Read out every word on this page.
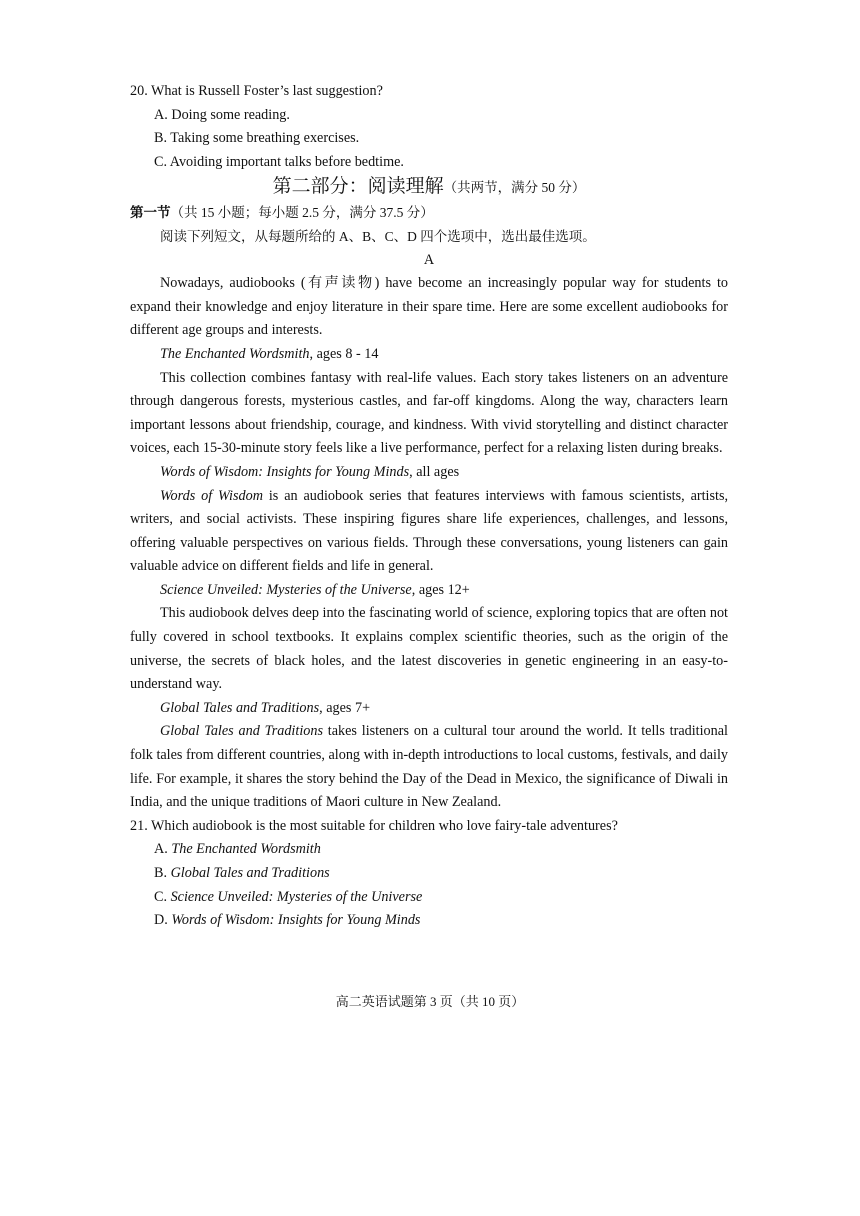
20. What is Russell Foster’s last suggestion?

A. Doing some reading.

B. Taking some breathing exercises.

C. Avoiding important talks before bedtime.

第二部分：阅读理解（共两节，满分 50 分）

第一节（共 15 小题；每小题 2.5 分，满分 37.5 分）

阅读下列短文，从每题所给的 A、B、C、D 四个选项中，选出最佳选项。

A

Nowadays, audiobooks (有声读物) have become an increasingly popular way for students to expand their knowledge and enjoy literature in their spare time. Here are some excellent audiobooks for different age groups and interests.

The Enchanted Wordsmith, ages 8 - 14

This collection combines fantasy with real-life values. Each story takes listeners on an adventure through dangerous forests, mysterious castles, and far-off kingdoms. Along the way, characters learn important lessons about friendship, courage, and kindness. With vivid storytelling and distinct character voices, each 15-30-minute story feels like a live performance, perfect for a relaxing listen during breaks.

Words of Wisdom: Insights for Young Minds, all ages

Words of Wisdom is an audiobook series that features interviews with famous scientists, artists, writers, and social activists. These inspiring figures share life experiences, challenges, and lessons, offering valuable perspectives on various fields. Through these conversations, young listeners can gain valuable advice on different fields and life in general.

Science Unveiled: Mysteries of the Universe, ages 12+

This audiobook delves deep into the fascinating world of science, exploring topics that are often not fully covered in school textbooks. It explains complex scientific theories, such as the origin of the universe, the secrets of black holes, and the latest discoveries in genetic engineering in an easy-to-understand way.

Global Tales and Traditions, ages 7+

Global Tales and Traditions takes listeners on a cultural tour around the world. It tells traditional folk tales from different countries, along with in-depth introductions to local customs, festivals, and daily life. For example, it shares the story behind the Day of the Dead in Mexico, the significance of Diwali in India, and the unique traditions of Maori culture in New Zealand.

21. Which audiobook is the most suitable for children who love fairy-tale adventures?

A. The Enchanted Wordsmith

B. Global Tales and Traditions

C. Science Unveiled: Mysteries of the Universe

D. Words of Wisdom: Insights for Young Minds

高二英语试题第 3 页（共 10 页）
